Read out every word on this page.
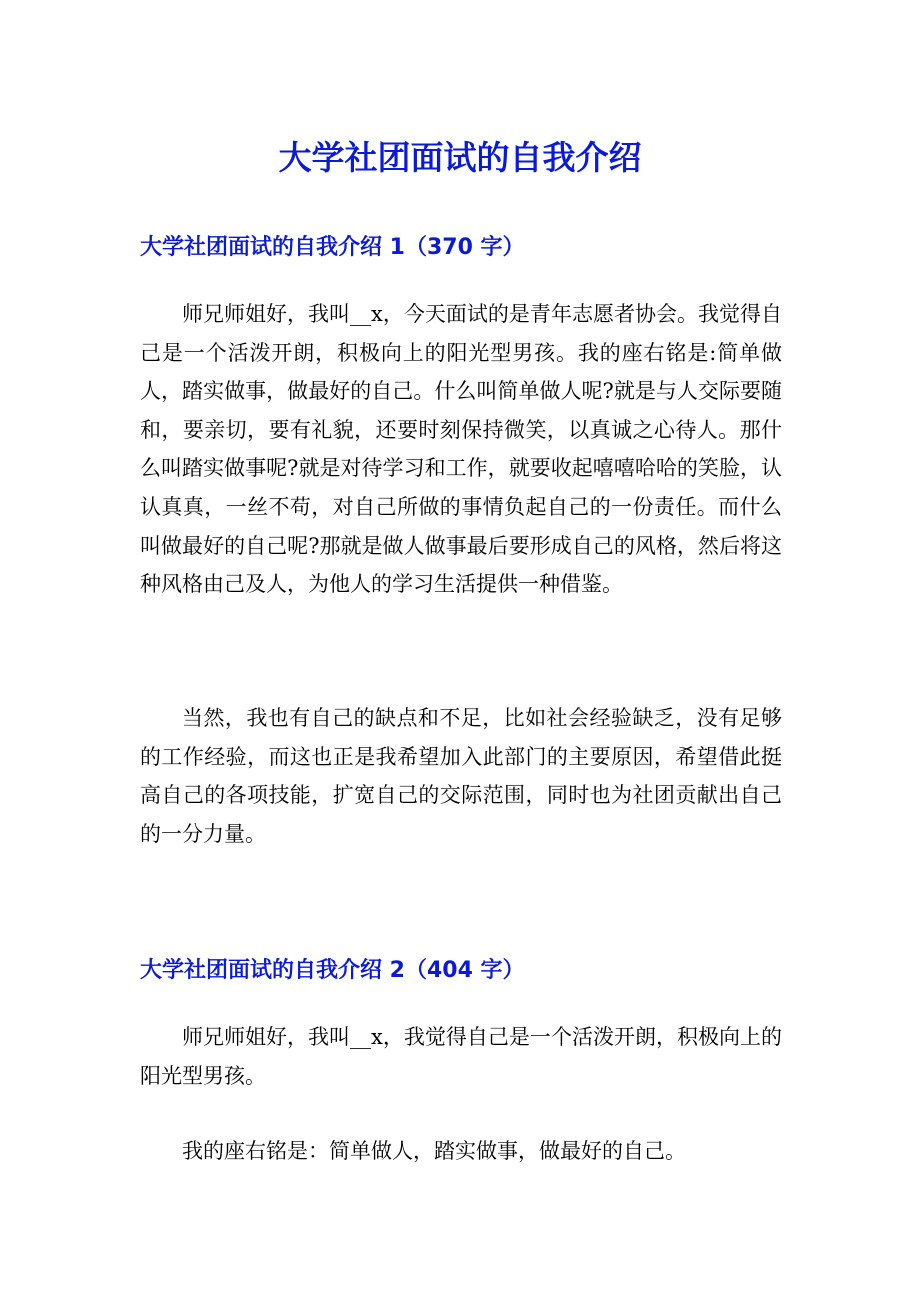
大学社团面试的自我介绍
大学社团面试的自我介绍 1（370 字）

师兄师姐好，我叫__x，今天面试的是青年志愿者协会。我觉得自己是一个活泼开朗，积极向上的阳光型男孩。我的座右铭是:简单做人，踏实做事，做最好的自己。什么叫简单做人呢?就是与人交际要随和，要亲切，要有礼貌，还要时刻保持微笑，以真诚之心待人。那什么叫踏实做事呢?就是对待学习和工作，就要收起嘻嘻哈哈的笑脸，认认真真，一丝不苟，对自己所做的事情负起自己的一份责任。而什么叫做最好的自己呢?那就是做人做事最后要形成自己的风格，然后将这种风格由己及人，为他人的学习生活提供一种借鉴。

当然，我也有自己的缺点和不足，比如社会经验缺乏，没有足够的工作经验，而这也正是我希望加入此部门的主要原因，希望借此挺高自己的各项技能，扩宽自己的交际范围，同时也为社团贡献出自己的一分力量。

大学社团面试的自我介绍 2（404 字）

师兄师姐好，我叫__x，我觉得自己是一个活泼开朗，积极向上的阳光型男孩。

我的座右铭是：简单做人，踏实做事，做最好的自己。
